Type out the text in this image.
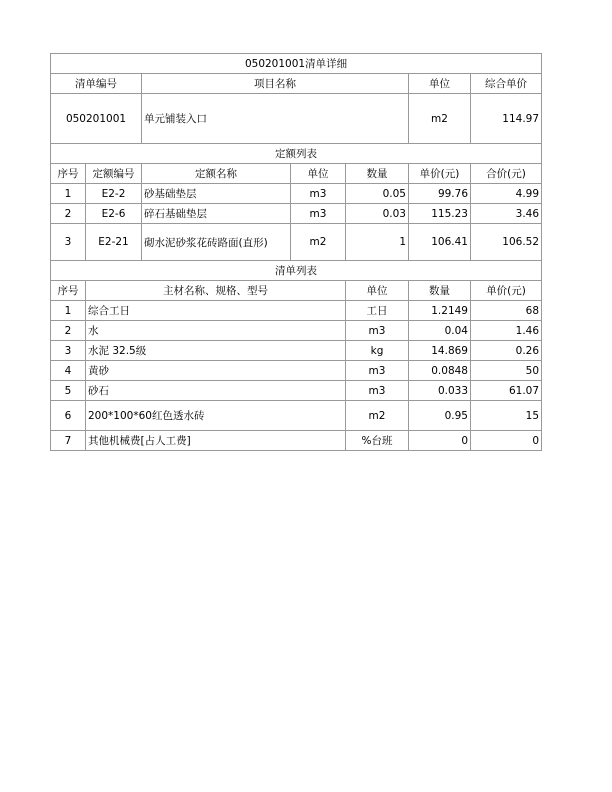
050201001清单详细							
清单编号		项目名称			单位	综合单价	
050201001		单元铺装入口			m2	114.97	
定额列表							
序号	定额编号	定额名称	单位	数量	单价(元)	合价(元)	
1	E2-2	砂基础垫层	m3	0.05	99.76	4.99	
2	E2-6	碎石基础垫层	m3	0.03	115.23	3.46	
3	E2-21	砌水泥砂浆花砖路面(直形)	m2	1	106.41	106.52	
清单列表							
序号	主材名称、规格、型号			单位	数量	单价(元)	
1	综合工日			工日	1.2149	68	
2	水			m3	0.04	1.46	
3	水泥 32.5级			kg	14.869	0.26	
4	黄砂			m3	0.0848	50	
5	砂石			m3	0.033	61.07	
6	200*100*60红色透水砖			m2	0.95	15	
7	其他机械费[占人工费]			%台班	0	0	
